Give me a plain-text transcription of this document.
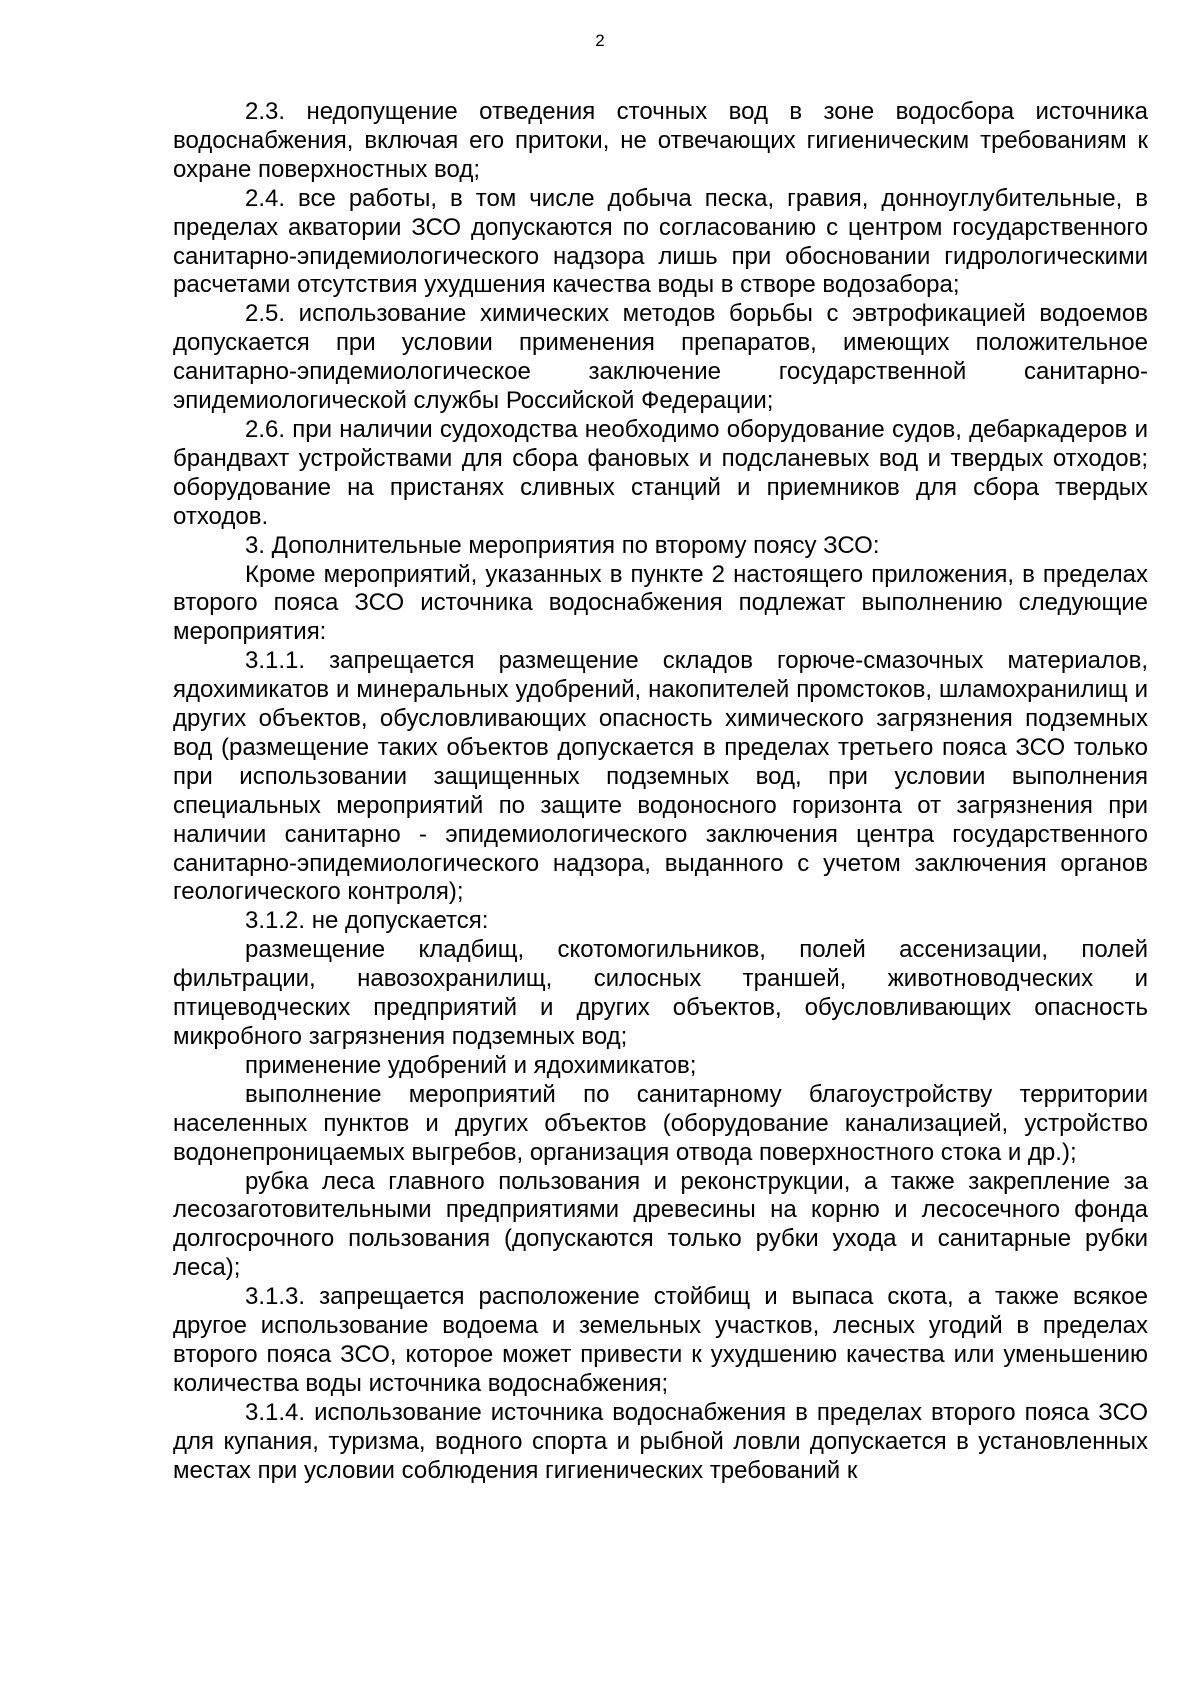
2

2.3. недопущение отведения сточных вод в зоне водосбора источника водоснабжения, включая его притоки, не отвечающих гигиеническим требованиям к охране поверхностных вод;

2.4. все работы, в том числе добыча песка, гравия, донноуглубительные, в пределах акватории ЗСО допускаются по согласованию с центром государственного санитарно-эпидемиологического надзора лишь при обосновании гидрологическими расчетами отсутствия ухудшения качества воды в створе водозабора;

2.5. использование химических методов борьбы с эвтрофикацией водоемов допускается при условии применения препаратов, имеющих положительное санитарно-эпидемиологическое заключение государственной санитарно-эпидемиологической службы Российской Федерации;

2.6. при наличии судоходства необходимо оборудование судов, дебаркадеров и брандвахт устройствами для сбора фановых и подсланевых вод и твердых отходов; оборудование на пристанях сливных станций и приемников для сбора твердых отходов.

3. Дополнительные мероприятия по второму поясу ЗСО:

Кроме мероприятий, указанных в пункте 2 настоящего приложения, в пределах второго пояса ЗСО источника водоснабжения подлежат выполнению следующие мероприятия:

3.1.1. запрещается размещение складов горюче-смазочных материалов, ядохимикатов и минеральных удобрений, накопителей промстоков, шламохранилищ и других объектов, обусловливающих опасность химического загрязнения подземных вод (размещение таких объектов допускается в пределах третьего пояса ЗСО только при использовании защищенных подземных вод, при условии выполнения специальных мероприятий по защите водоносного горизонта от загрязнения при наличии санитарно - эпидемиологического заключения центра государственного санитарно-эпидемиологического надзора, выданного с учетом заключения органов геологического контроля);

3.1.2. не допускается:

размещение кладбищ, скотомогильников, полей ассенизации, полей фильтрации, навозохранилищ, силосных траншей, животноводческих и птицеводческих предприятий и других объектов, обусловливающих опасность микробного загрязнения подземных вод;

применение удобрений и ядохимикатов;

выполнение мероприятий по санитарному благоустройству территории населенных пунктов и других объектов (оборудование канализацией, устройство водонепроницаемых выгребов, организация отвода поверхностного стока и др.);

рубка леса главного пользования и реконструкции, а также закрепление за лесозаготовительными предприятиями древесины на корню и лесосечного фонда долгосрочного пользования (допускаются только рубки ухода и санитарные рубки леса);

3.1.3. запрещается расположение стойбищ и выпаса скота, а также всякое другое использование водоема и земельных участков, лесных угодий в пределах второго пояса ЗСО, которое может привести к ухудшению качества или уменьшению количества воды источника водоснабжения;

3.1.4. использование источника водоснабжения в пределах второго пояса ЗСО для купания, туризма, водного спорта и рыбной ловли допускается в установленных местах при условии соблюдения гигиенических требований к
